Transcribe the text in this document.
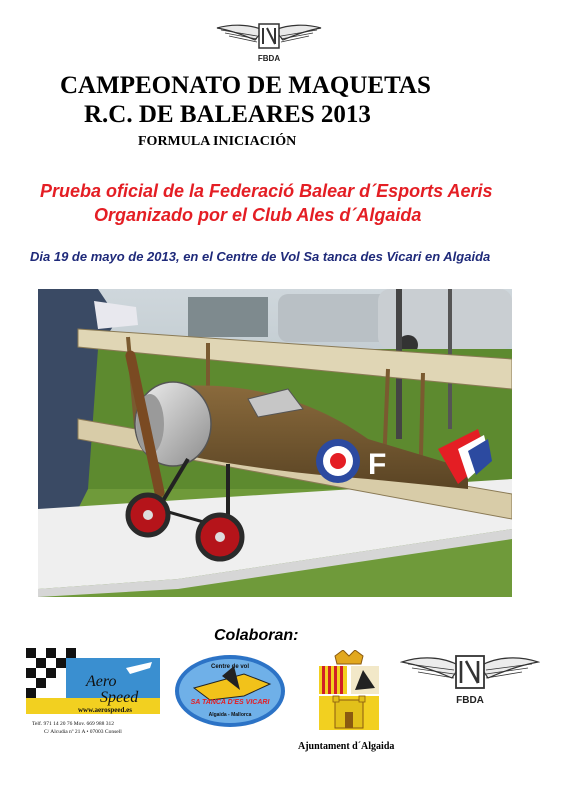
FBDA
CAMPEONATO DE MAQUETAS
R.C. DE BALEARES 2013
FORMULA INICIACIÓN
Prueba oficial de la Federació Balear d´Esports Aeris
Organizado por el Club Ales d´Algaida
Dia 19 de mayo de 2013, en el Centre de Vol Sa tanca des Vicari en Algaida
F
Colaboran:
Aero
Speed
www.aerospeed.es
Telf. 971 14 20 76 Mov. 669 988 312
C/ Alcudia nº 21 A • 07003 Consell
Centre de vol
SA TANCA D'ES VICARI
Algaida - Mallorca
FBDA
Ajuntament d´Algaida
